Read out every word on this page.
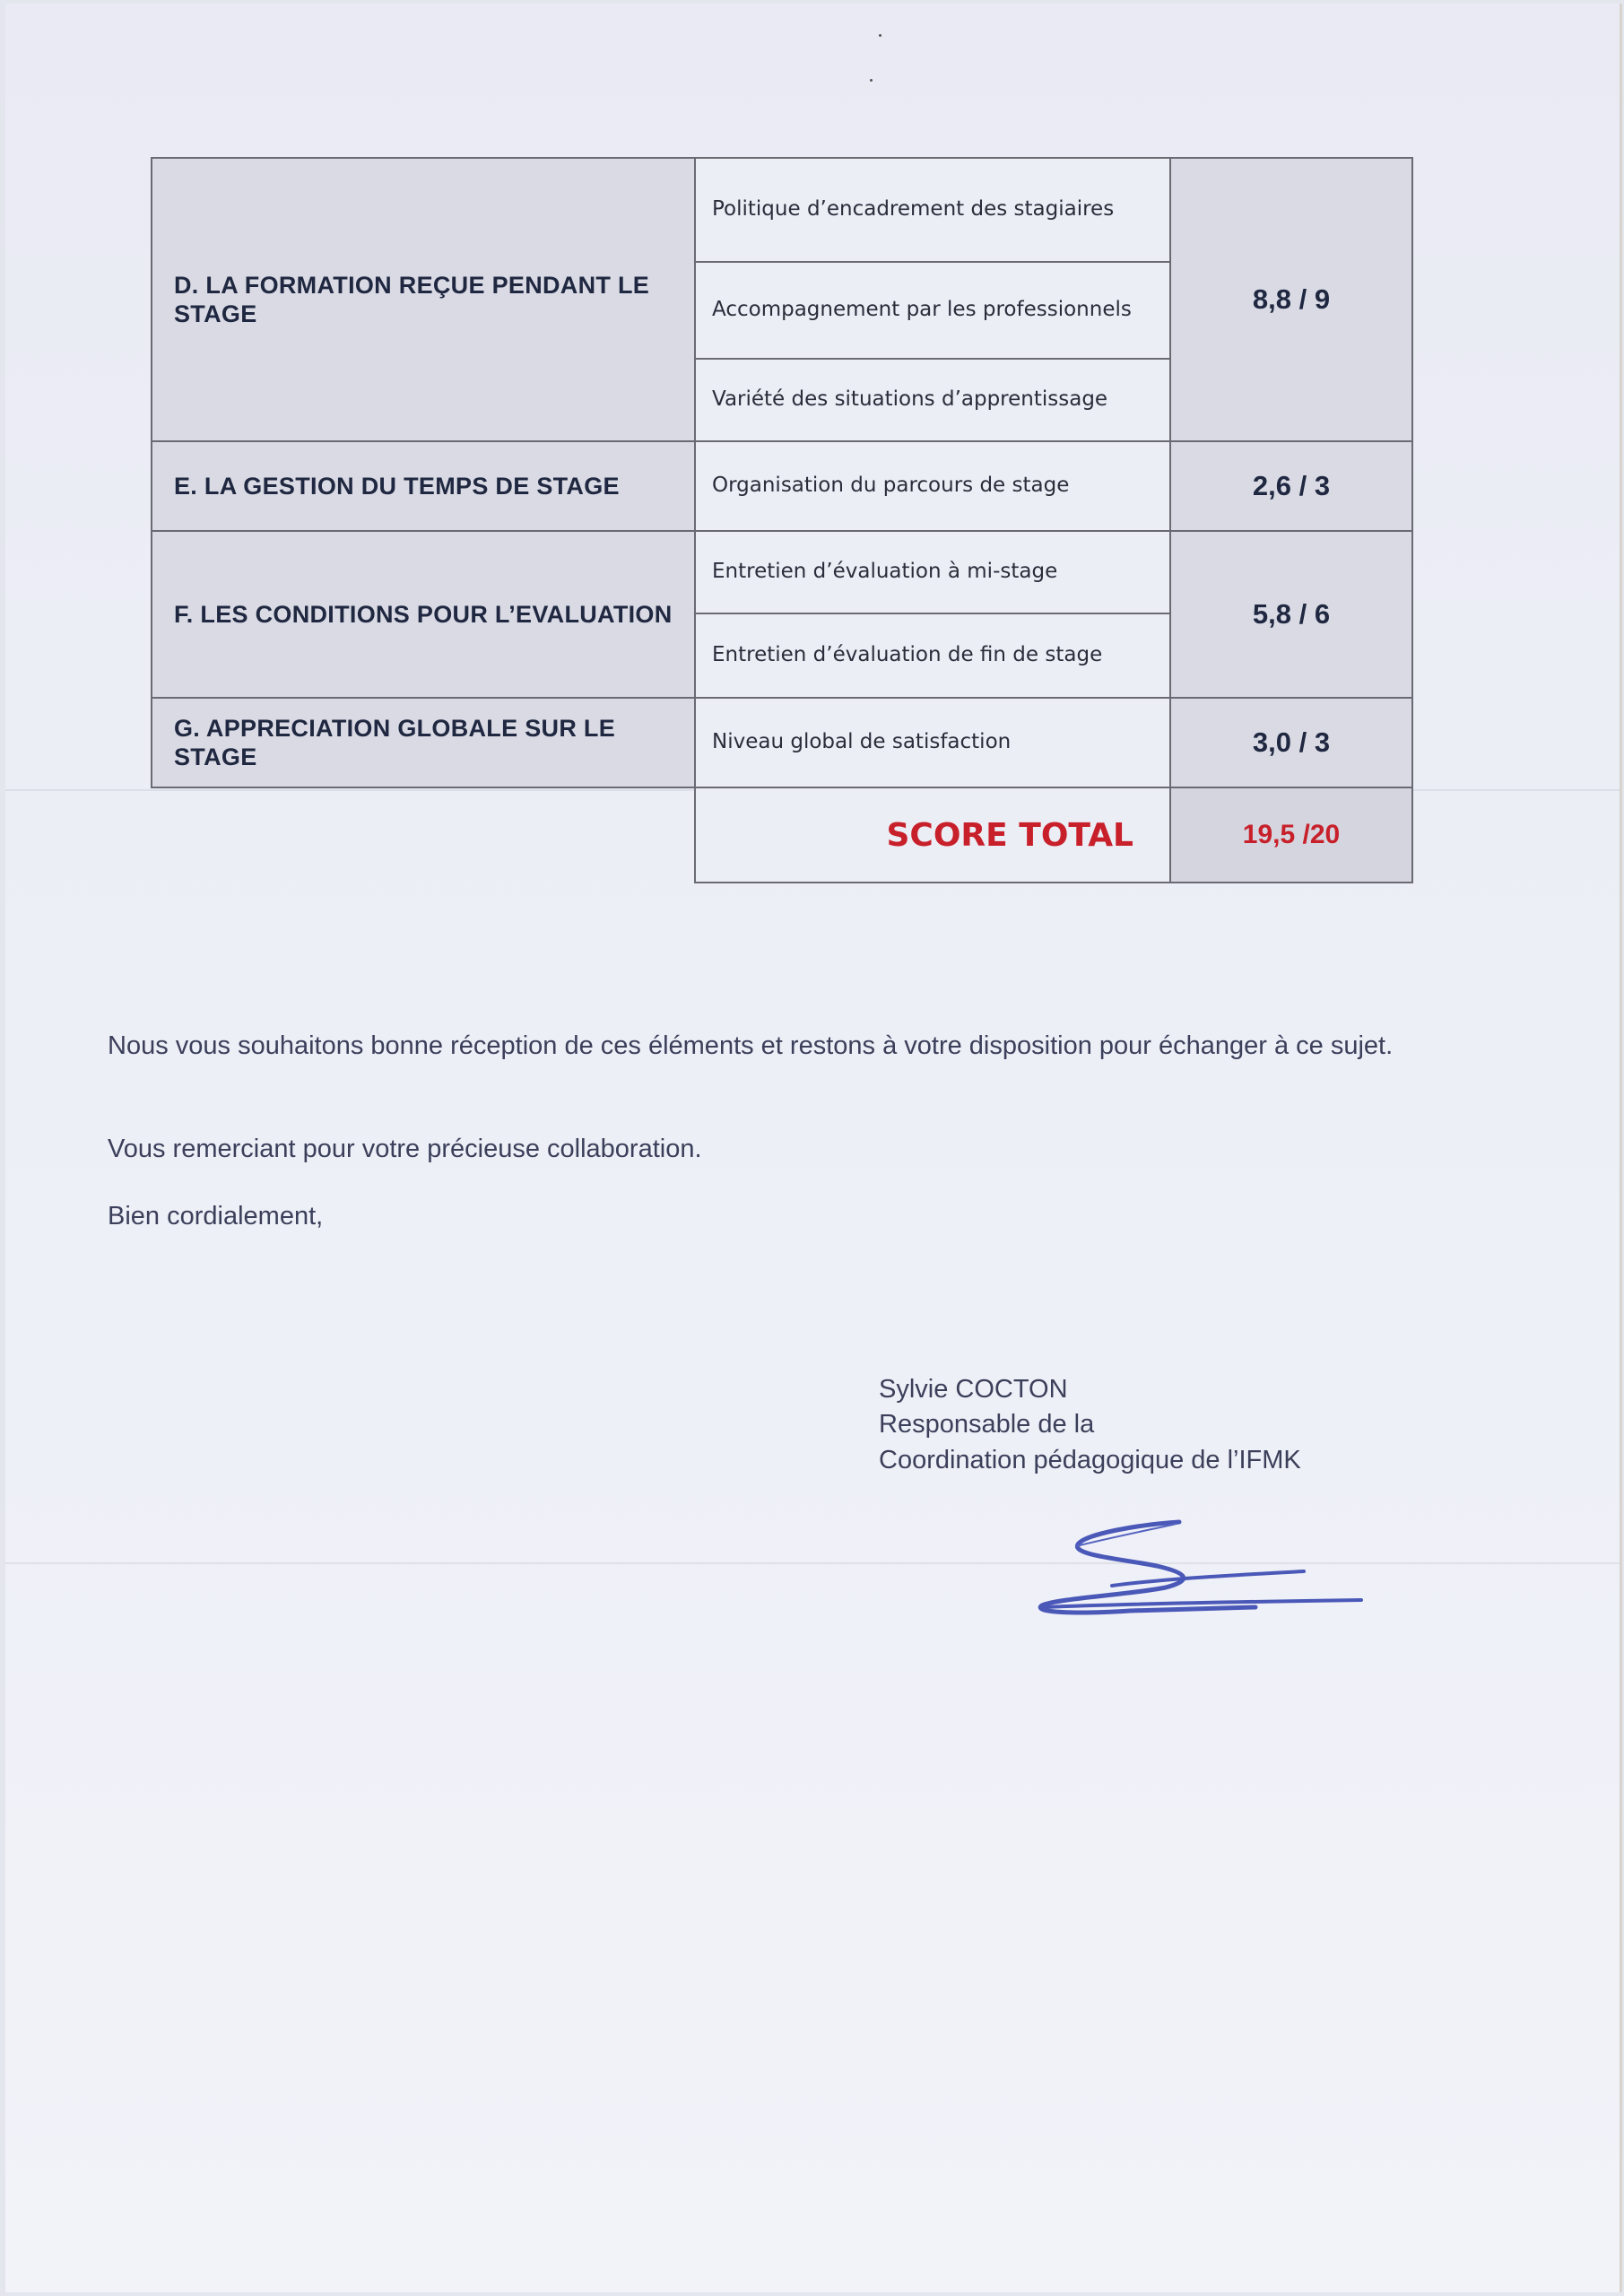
D. LA FORMATION REÇUE PENDANT LE STAGE	Politique d’encadrement des stagiaires	8,8 / 9
	Accompagnement par les professionnels	
	Variété des situations d’apprentissage	
E. LA GESTION DU TEMPS DE STAGE	Organisation du parcours de stage	2,6 / 3
F. LES CONDITIONS POUR L’EVALUATION	Entretien d’évaluation à mi-stage	5,8 / 6
	Entretien d’évaluation de fin de stage	
G. APPRECIATION GLOBALE SUR LE STAGE	Niveau global de satisfaction	3,0 / 3
	SCORE TOTAL	19,5 /20
Nous vous souhaitons bonne réception de ces éléments et restons à votre disposition pour échanger à ce sujet.
Vous remerciant pour votre précieuse collaboration.
Bien cordialement,
Sylvie COCTON
Responsable de la
Coordination pédagogique de l’IFMK
